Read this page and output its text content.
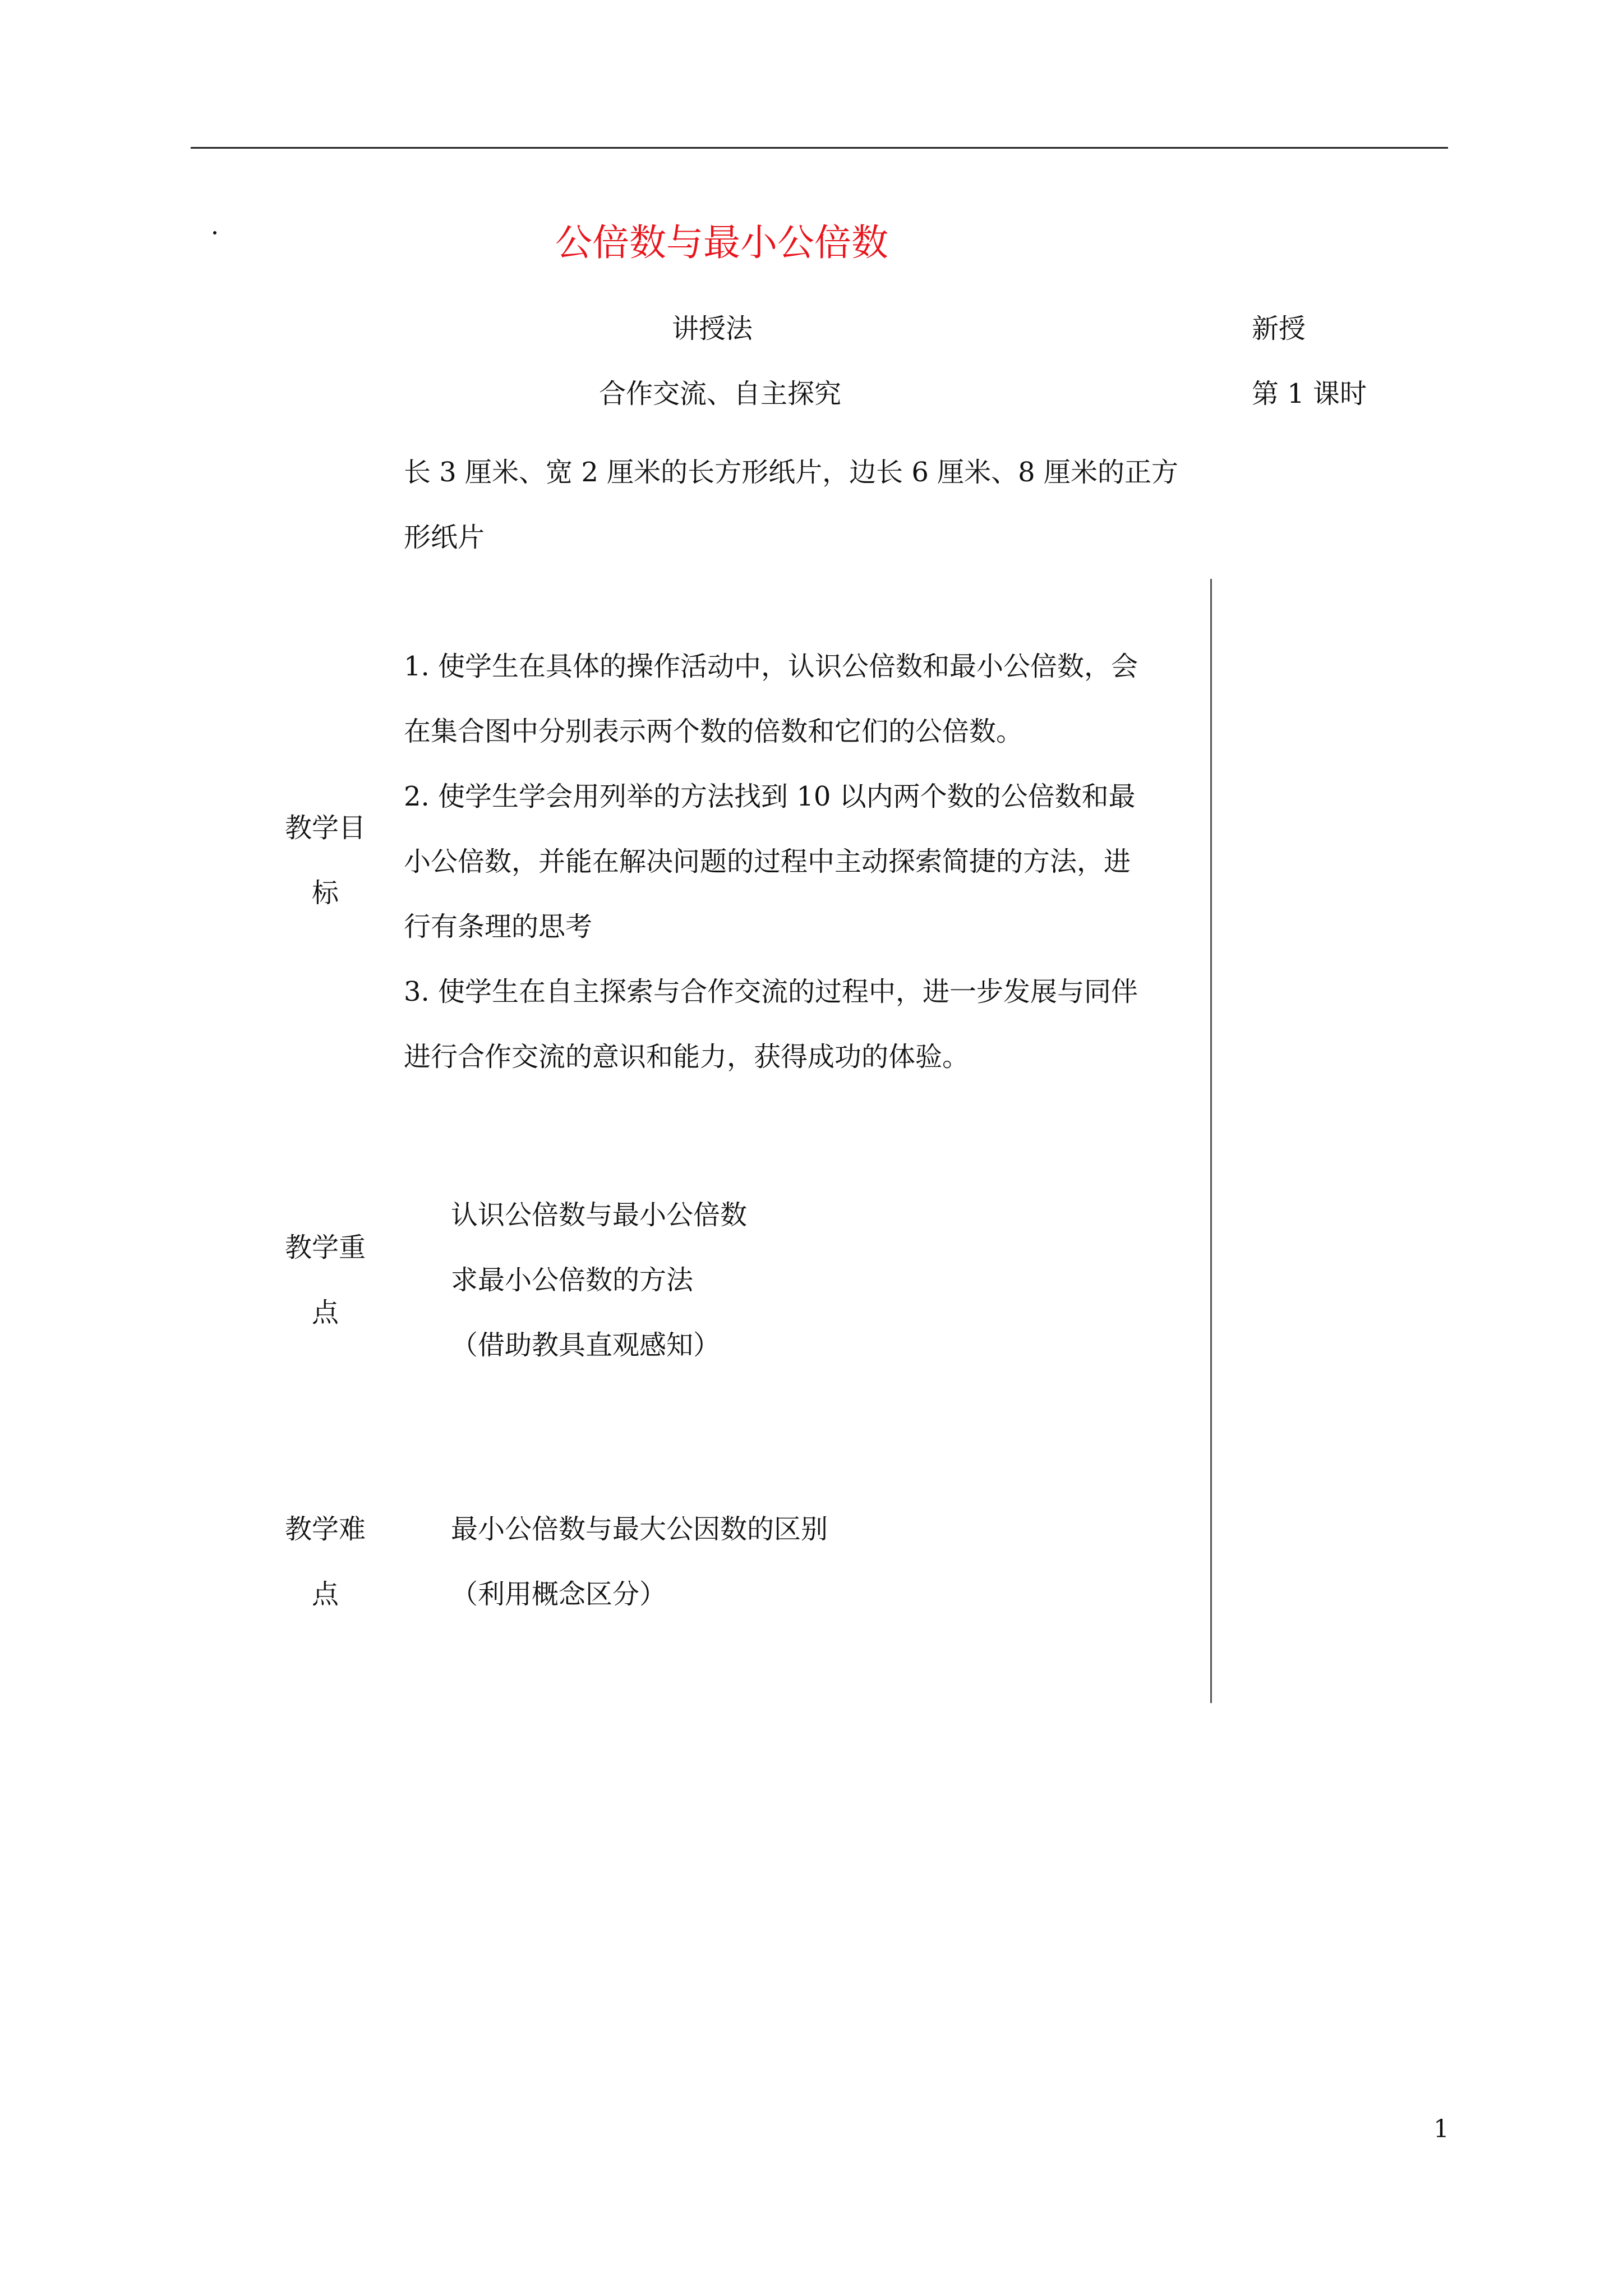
公倍数与最小公倍数
讲授法	新授
合作交流、自主探究	第 1 课时
长 3 厘米、宽 2 厘米的长方形纸片，边长 6 厘米、8 厘米的正方
形纸片
教学目
标
1. 使学生在具体的操作活动中，认识公倍数和最小公倍数，会
在集合图中分别表示两个数的倍数和它们的公倍数。
2. 使学生学会用列举的方法找到 10 以内两个数的公倍数和最
小公倍数，并能在解决问题的过程中主动探索简捷的方法，进
行有条理的思考
3. 使学生在自主探索与合作交流的过程中，进一步发展与同伴
进行合作交流的意识和能力，获得成功的体验。
教学重
点
认识公倍数与最小公倍数
求最小公倍数的方法
（借助教具直观感知）
教学难
点
最小公倍数与最大公因数的区别
（利用概念区分）
1
